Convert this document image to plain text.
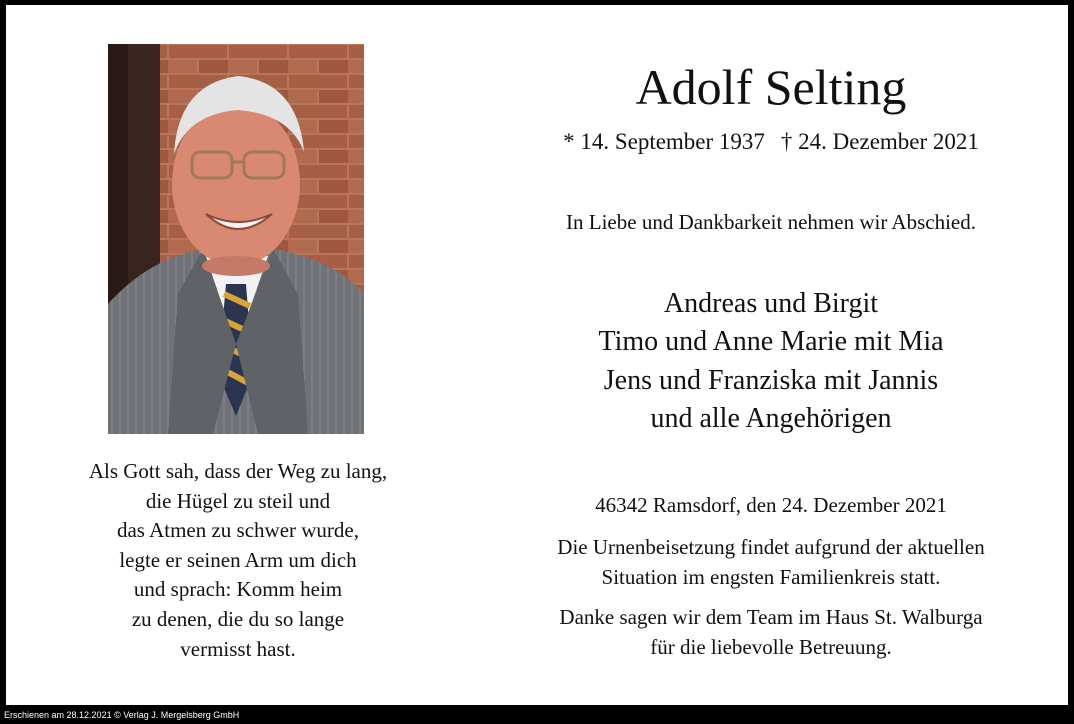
Als Gott sah, dass der Weg zu lang,
die Hügel zu steil und
das Atmen zu schwer wurde,
legte er seinen Arm um dich
und sprach: Komm heim
zu denen, die du so lange
vermisst hast.
Adolf Selting
* 14. September 1937 † 24. Dezember 2021
In Liebe und Dankbarkeit nehmen wir Abschied.
Andreas und Birgit
Timo und Anne Marie mit Mia
Jens und Franziska mit Jannis
und alle Angehörigen
46342 Ramsdorf, den 24. Dezember 2021
Die Urnenbeisetzung findet aufgrund der aktuellen
Situation im engsten Familienkreis statt.
Danke sagen wir dem Team im Haus St. Walburga
für die liebevolle Betreuung.
Erschienen am 28.12.2021 © Verlag J. Mergelsberg GmbH
